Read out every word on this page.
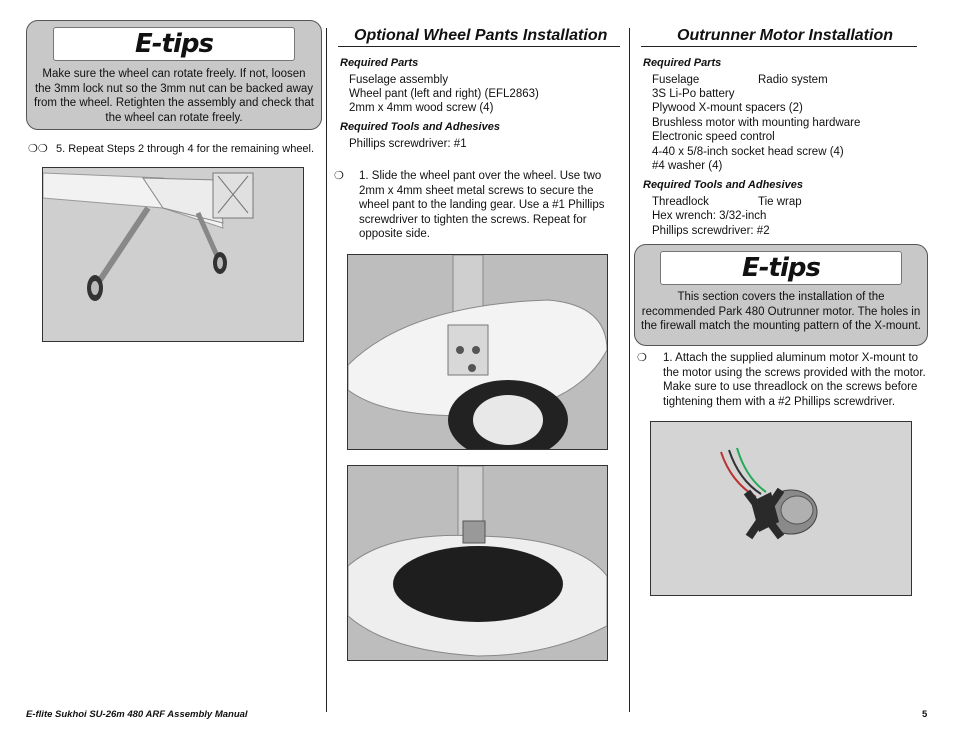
E-tips
Make sure the wheel can rotate freely. If not, loosen the 3mm lock nut so the 3mm nut can be backed away from the wheel. Retighten the assembly and check that the wheel can rotate freely.
❍❍ 5. Repeat Steps 2 through 4 for the remaining wheel.
Optional Wheel Pants Installation
Required Parts
Fuselage assembly
Wheel pant (left and right) (EFL2863)
2mm x 4mm wood screw (4)
Required Tools and Adhesives
Phillips screwdriver: #1
❍ 1. Slide the wheel pant over the wheel. Use two 2mm x 4mm sheet metal screws to secure the wheel pant to the landing gear. Use a #1 Phillips screwdriver to tighten the screws. Repeat for opposite side.
Outrunner Motor Installation
Required Parts
Fuselage	Radio system
3S Li-Po battery
Plywood X-mount spacers (2)
Brushless motor with mounting hardware
Electronic speed control
4-40 x 5/8-inch socket head screw (4)
#4 washer (4)
Required Tools and Adhesives
Threadlock	Tie wrap
Hex wrench: 3/32-inch
Phillips screwdriver: #2
E-tips
This section covers the installation of the recommended Park 480 Outrunner motor. The holes in the firewall match the mounting pattern of the X-mount.
❍ 1. Attach the supplied aluminum motor X-mount to the motor using the screws provided with the motor. Make sure to use threadlock on the screws before tightening them with a #2 Phillips screwdriver.
E-flite Sukhoi SU-26m 480 ARF Assembly Manual	5
